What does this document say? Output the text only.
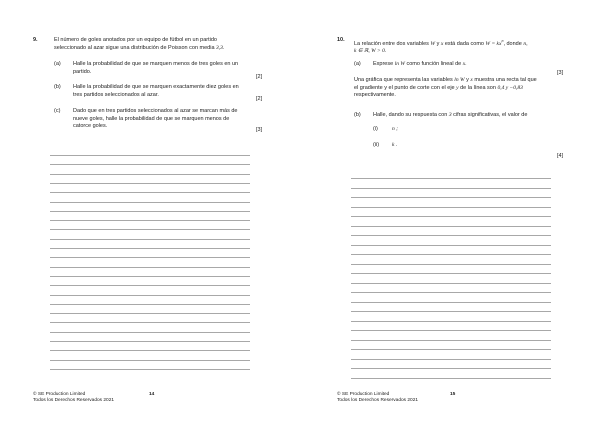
9.	El número de goles anotados por un equipo de fútbol en un partido
seleccionado al azar sigue una distribución de Poisson con media 3,3.

(a) Halle la probabilidad de que se marquen menos de tres goles en un
partido.

[2]

(b) Halle la probabilidad de que se marquen exactamente diez goles en
tres partidos seleccionados al azar.

[2]

(c) Dado que en tres partidos seleccionados al azar se marcan más de
nueve goles, halle la probabilidad de que se marquen menos de
catorce goles.

[3]

© SE Production Limited
Todos los Derechos Reservados 2021

14

10.

La relación entre dos variables W y x está dada como $W = kx^n$, donde n,
k ∈ ℝ, W > 0.

(a) Exprese ln W como función lineal de x.

[3]

Una gráfica que representa las variables ln W y x muestra una recta tal que
el gradiente y el punto de corte con el eje y de la línea son 0,4 y −0,83
respectivamente.

(b) Halle, dando su respuesta con 3 cifras significativas, el valor de

(i)	n ;

(ii) k .

[4]

© SE Production Limited
Todos los Derechos Reservados 2021

15
